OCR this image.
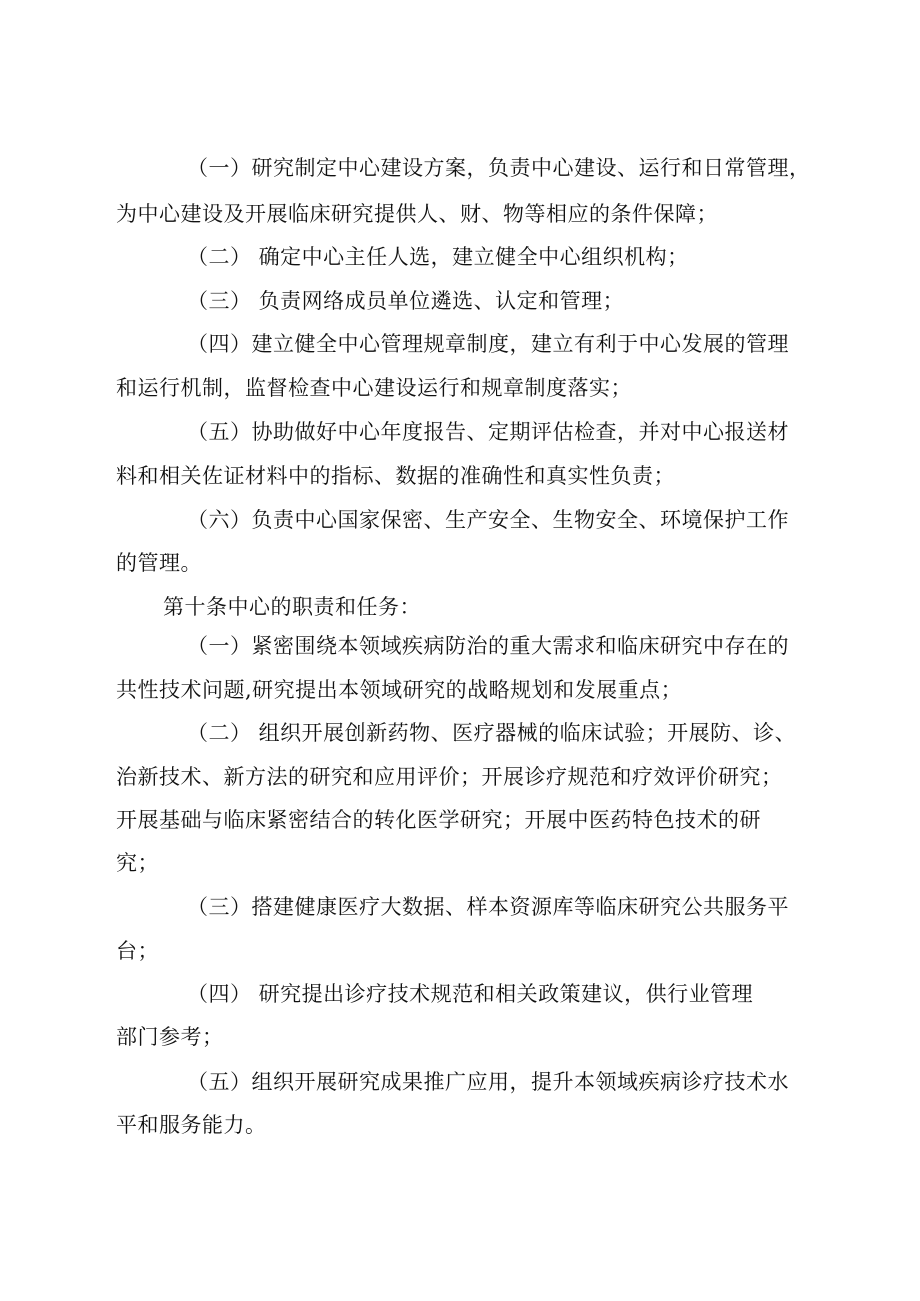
（一）研究制定中心建设方案，负责中心建设、运行和日常管理，
为中心建设及开展临床研究提供人、财、物等相应的条件保障；
（二） 确定中心主任人选，建立健全中心组织机构；
（三） 负责网络成员单位遴选、认定和管理；
（四）建立健全中心管理规章制度，建立有利于中心发展的管理
和运行机制，监督检查中心建设运行和规章制度落实；
（五）协助做好中心年度报告、定期评估检查，并对中心报送材
料和相关佐证材料中的指标、数据的准确性和真实性负责；
（六）负责中心国家保密、生产安全、生物安全、环境保护工作
的管理。
第十条中心的职责和任务：
（一）紧密围绕本领域疾病防治的重大需求和临床研究中存在的
共性技术问题,研究提出本领域研究的战略规划和发展重点；
（二） 组织开展创新药物、医疗器械的临床试验；开展防、诊、
治新技术、新方法的研究和应用评价；开展诊疗规范和疗效评价研究；
开展基础与临床紧密结合的转化医学研究；开展中医药特色技术的研
究；
（三）搭建健康医疗大数据、样本资源库等临床研究公共服务平
台；
（四） 研究提出诊疗技术规范和相关政策建议，供行业管理
部门参考；
（五）组织开展研究成果推广应用，提升本领域疾病诊疗技术水
平和服务能力。
